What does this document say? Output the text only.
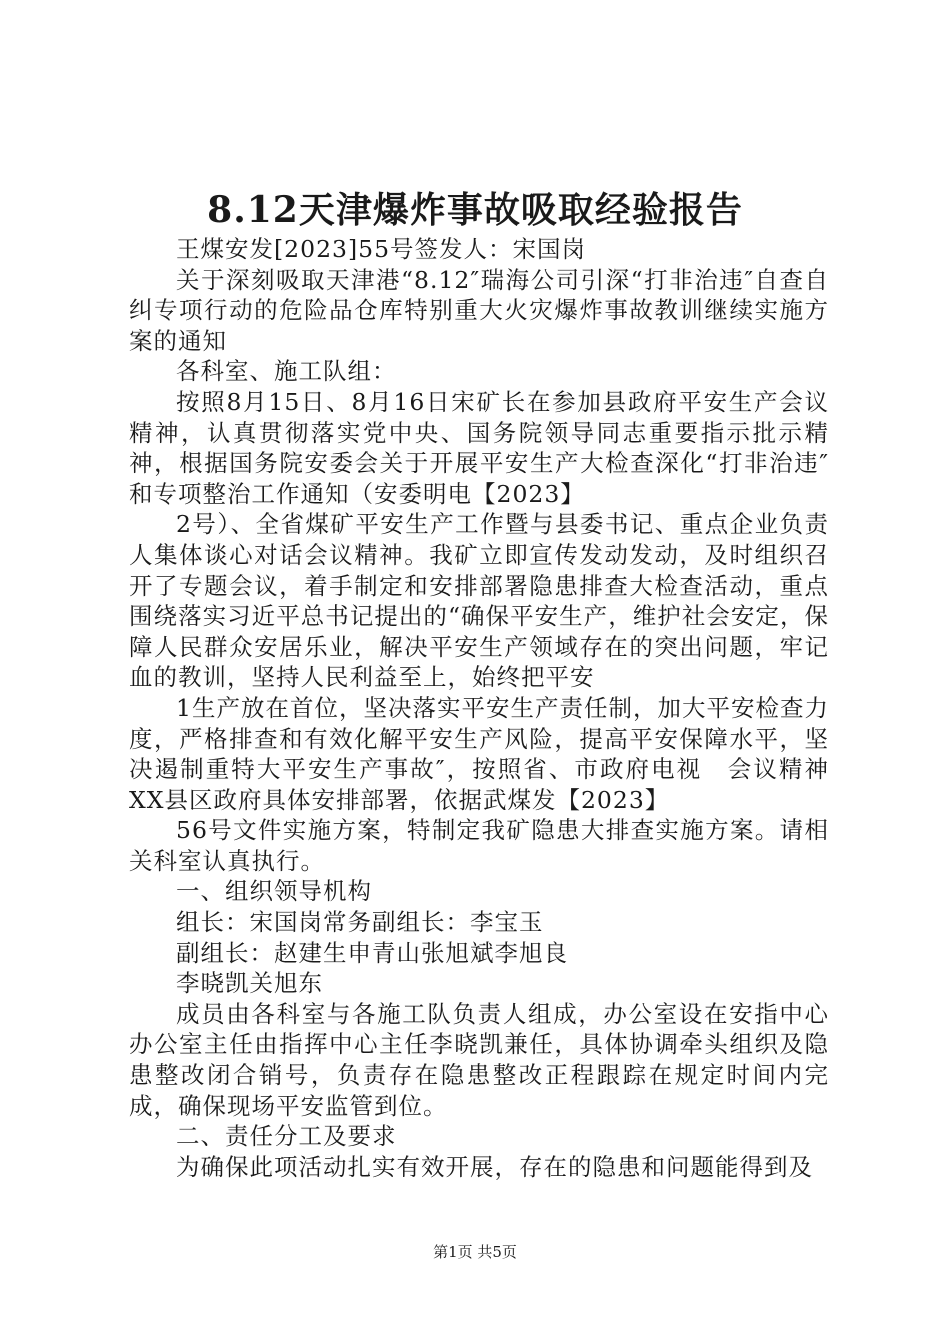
8.12天津爆炸事故吸取经验报告

王煤安发[2023]55号签发人：宋国岗

关于深刻吸取天津港“8.12″瑞海公司引深“打非治违″自查自纠专项行动的危险品仓库特别重大火灾爆炸事故教训继续实施方案的通知

各科室、施工队组：

按照8月15日、8月16日宋矿长在参加县政府平安生产会议精神，认真贯彻落实党中央、国务院领导同志重要指示批示精神，根据国务院安委会关于开展平安生产大检查深化“打非治违″和专项整治工作通知（安委明电【2023】

2号）、全省煤矿平安生产工作暨与县委书记、重点企业负责人集体谈心对话会议精神。我矿立即宣传发动发动，及时组织召开了专题会议，着手制定和安排部署隐患排查大检查活动，重点围绕落实习近平总书记提出的“确保平安生产，维护社会安定，保障人民群众安居乐业，解决平安生产领域存在的突出问题，牢记血的教训，坚持人民利益至上，始终把平安

1生产放在首位，坚决落实平安生产责任制，加大平安检查力度，严格排查和有效化解平安生产风险，提高平安保障水平，坚决遏制重特大平安生产事故″，按照省、市政府电视　会议精神XX县区政府具体安排部署，依据武煤发【2023】

56号文件实施方案，特制定我矿隐患大排查实施方案。请相关科室认真执行。

一、组织领导机构

组长：宋国岗常务副组长：李宝玉

副组长：赵建生申青山张旭斌李旭良

李晓凯关旭东

成员由各科室与各施工队负责人组成，办公室设在安指中心办公室主任由指挥中心主任李晓凯兼任，具体协调牵头组织及隐患整改闭合销号，负责存在隐患整改正程跟踪在规定时间内完成，确保现场平安监管到位。

二、责任分工及要求

为确保此项活动扎实有效开展，存在的隐患和问题能得到及

第1页 共5页
